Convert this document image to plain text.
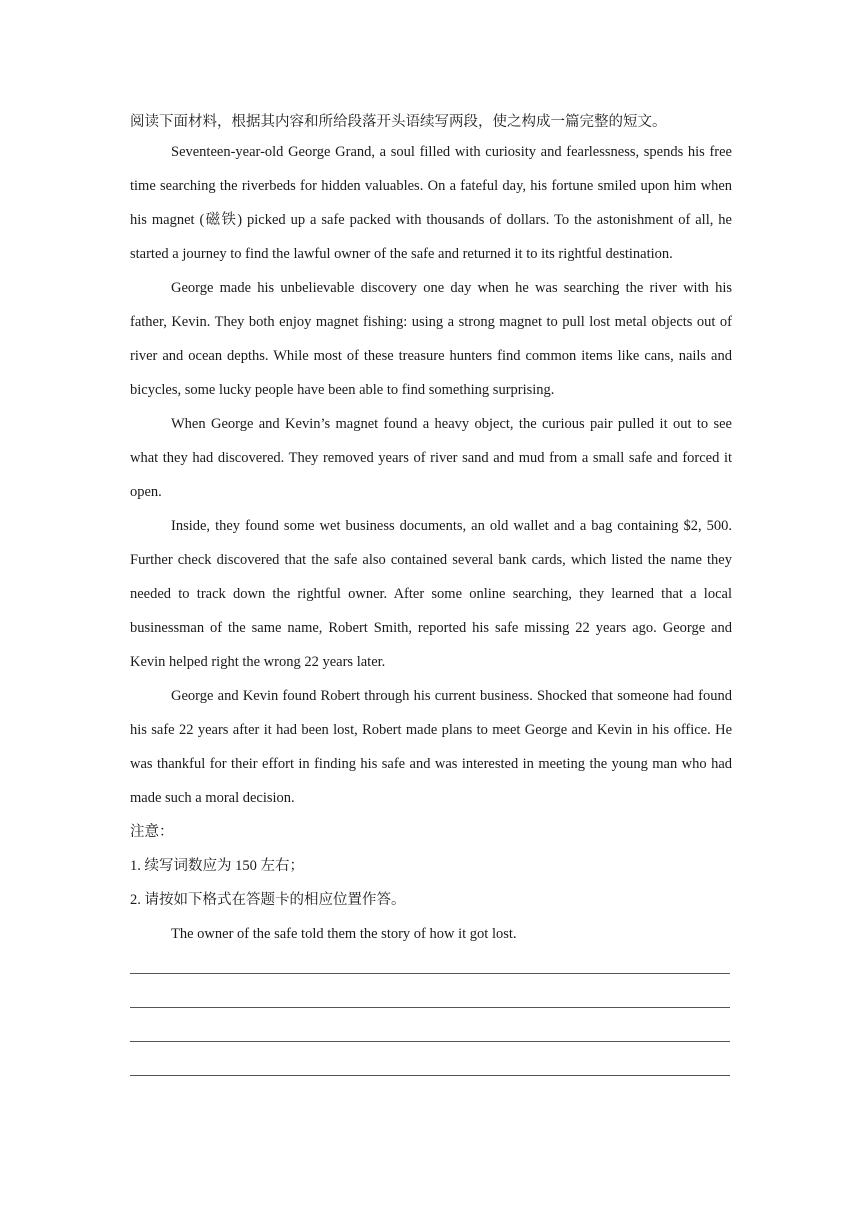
阅读下面材料，根据其内容和所给段落开头语续写两段，使之构成一篇完整的短文。

Seventeen-year-old George Grand, a soul filled with curiosity and fearlessness, spends his free time searching the riverbeds for hidden valuables. On a fateful day, his fortune smiled upon him when his magnet (磁铁) picked up a safe packed with thousands of dollars. To the astonishment of all, he started a journey to find the lawful owner of the safe and returned it to its rightful destination.

George made his unbelievable discovery one day when he was searching the river with his father, Kevin. They both enjoy magnet fishing: using a strong magnet to pull lost metal objects out of river and ocean depths. While most of these treasure hunters find common items like cans, nails and bicycles, some lucky people have been able to find something surprising.

When George and Kevin’s magnet found a heavy object, the curious pair pulled it out to see what they had discovered. They removed years of river sand and mud from a small safe and forced it open.

Inside, they found some wet business documents, an old wallet and a bag containing $2, 500. Further check discovered that the safe also contained several bank cards, which listed the name they needed to track down the rightful owner. After some online searching, they learned that a local businessman of the same name, Robert Smith, reported his safe missing 22 years ago. George and Kevin helped right the wrong 22 years later.

George and Kevin found Robert through his current business. Shocked that someone had found his safe 22 years after it had been lost, Robert made plans to meet George and Kevin in his office. He was thankful for their effort in finding his safe and was interested in meeting the young man who had made such a moral decision.

注意：

1. 续写词数应为 150 左右；

2. 请按如下格式在答题卡的相应位置作答。

The owner of the safe told them the story of how it got lost.
